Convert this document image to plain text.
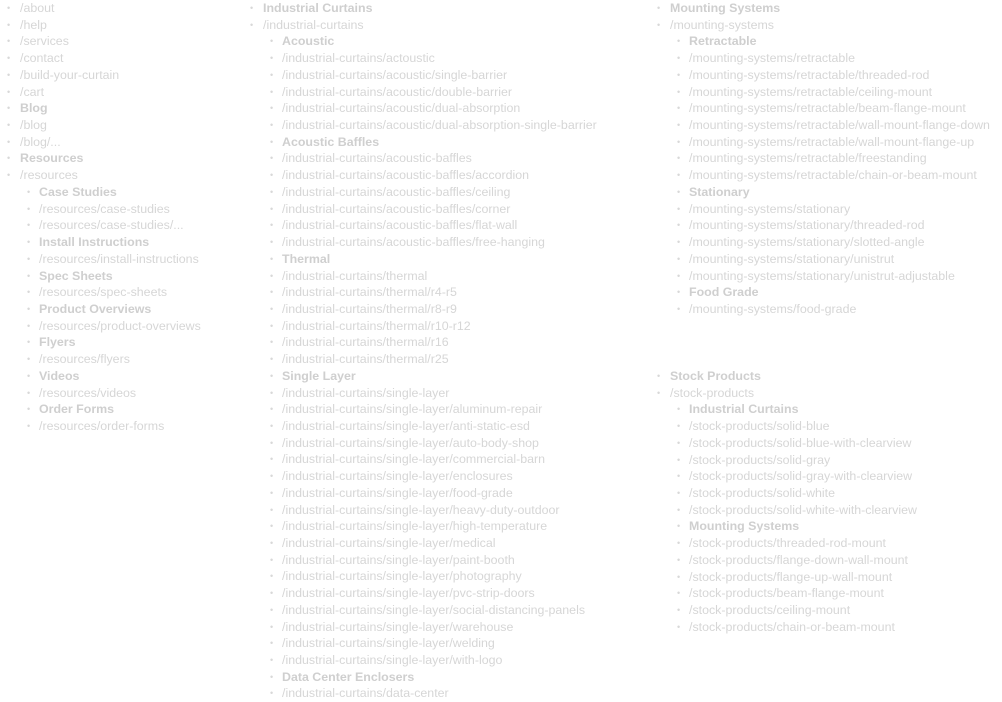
• /about
• /help
• /services
• /contact
• /build-your-curtain
• /cart
• Blog
• /blog
• /blog/...
• Resources
• /resources
• Case Studies
• /resources/case-studies
• /resources/case-studies/...
• Install Instructions
• /resources/install-instructions
• Spec Sheets
• /resources/spec-sheets
• Product Overviews
• /resources/product-overviews
• Flyers
• /resources/flyers
• Videos
• /resources/videos
• Order Forms
• /resources/order-forms
• Industrial Curtains
• /industrial-curtains
• Acoustic
• /industrial-curtains/actoustic
• /industrial-curtains/acoustic/single-barrier
• /industrial-curtains/acoustic/double-barrier
• /industrial-curtains/acoustic/dual-absorption
• /industrial-curtains/acoustic/dual-absorption-single-barrier
• Acoustic Baffles
• /industrial-curtains/acoustic-baffles
• /industrial-curtains/acoustic-baffles/accordion
• /industrial-curtains/acoustic-baffles/ceiling
• /industrial-curtains/acoustic-baffles/corner
• /industrial-curtains/acoustic-baffles/flat-wall
• /industrial-curtains/acoustic-baffles/free-hanging
• Thermal
• /industrial-curtains/thermal
• /industrial-curtains/thermal/r4-r5
• /industrial-curtains/thermal/r8-r9
• /industrial-curtains/thermal/r10-r12
• /industrial-curtains/thermal/r16
• /industrial-curtains/thermal/r25
• Single Layer
• /industrial-curtains/single-layer
• /industrial-curtains/single-layer/aluminum-repair
• /industrial-curtains/single-layer/anti-static-esd
• /industrial-curtains/single-layer/auto-body-shop
• /industrial-curtains/single-layer/commercial-barn
• /industrial-curtains/single-layer/enclosures
• /industrial-curtains/single-layer/food-grade
• /industrial-curtains/single-layer/heavy-duty-outdoor
• /industrial-curtains/single-layer/high-temperature
• /industrial-curtains/single-layer/medical
• /industrial-curtains/single-layer/paint-booth
• /industrial-curtains/single-layer/photography
• /industrial-curtains/single-layer/pvc-strip-doors
• /industrial-curtains/single-layer/social-distancing-panels
• /industrial-curtains/single-layer/warehouse
• /industrial-curtains/single-layer/welding
• /industrial-curtains/single-layer/with-logo
• Data Center Enclosers
• /industrial-curtains/data-center
• Mounting Systems
• /mounting-systems
• Retractable
• /mounting-systems/retractable
• /mounting-systems/retractable/threaded-rod
• /mounting-systems/retractable/ceiling-mount
• /mounting-systems/retractable/beam-flange-mount
• /mounting-systems/retractable/wall-mount-flange-down
• /mounting-systems/retractable/wall-mount-flange-up
• /mounting-systems/retractable/freestanding
• /mounting-systems/retractable/chain-or-beam-mount
• Stationary
• /mounting-systems/stationary
• /mounting-systems/stationary/threaded-rod
• /mounting-systems/stationary/slotted-angle
• /mounting-systems/stationary/unistrut
• /mounting-systems/stationary/unistrut-adjustable
• Food Grade
• /mounting-systems/food-grade
• Stock Products
• /stock-products
• Industrial Curtains
• /stock-products/solid-blue
• /stock-products/solid-blue-with-clearview
• /stock-products/solid-gray
• /stock-products/solid-gray-with-clearview
• /stock-products/solid-white
• /stock-products/solid-white-with-clearview
• Mounting Systems
• /stock-products/threaded-rod-mount
• /stock-products/flange-down-wall-mount
• /stock-products/flange-up-wall-mount
• /stock-products/beam-flange-mount
• /stock-products/ceiling-mount
• /stock-products/chain-or-beam-mount
